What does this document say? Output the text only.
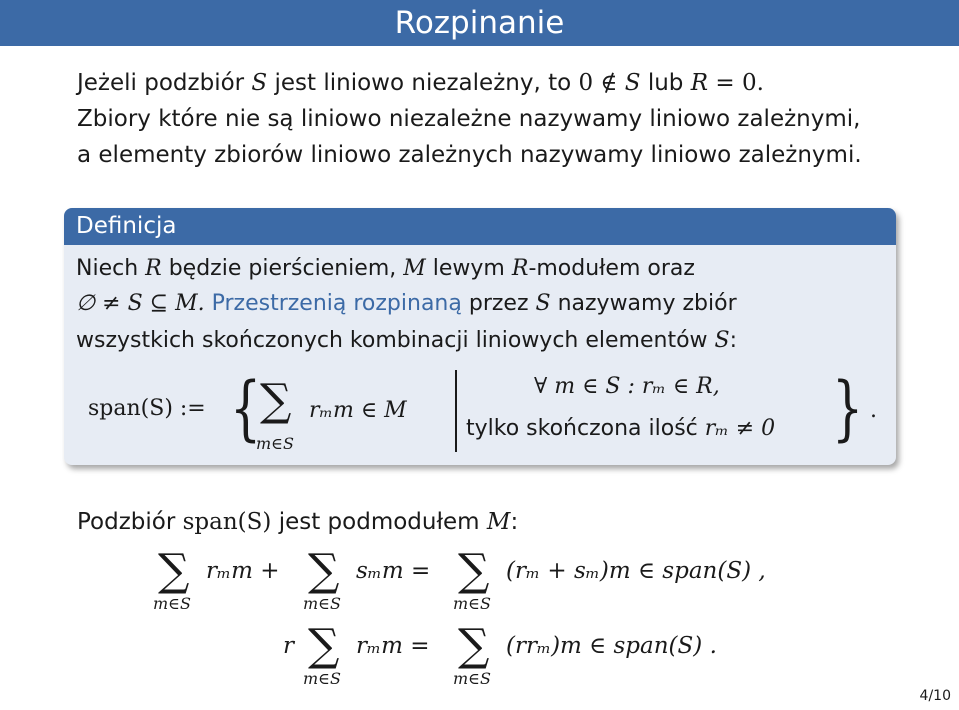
Rozpinanie
Jeżeli podzbiór S jest liniowo niezależny, to 0 ∉ S lub R = 0.
Zbiory które nie są liniowo niezależne nazywamy liniowo zależnymi,
a elementy zbiorów liniowo zależnych nazywamy liniowo zależnymi.
Definicja
Niech R będzie pierścieniem, M lewym R-modułem oraz
∅ ≠ S ⊆ M. Przestrzenią rozpinaną przez S nazywamy zbiór
wszystkich skończonych kombinacji liniowych elementów S:
span(S) := {
∑
m∈S
rₘm ∈ M
∀ m ∈ S : rₘ ∈ R,
tylko skończona ilość rₘ ≠ 0 } .
Podzbiór span(S) jest podmodułem M:
∑
m∈S
rₘm + ∑
m∈S
sₘm = ∑
m∈S
(rₘ + sₘ)m ∈ span(S) ,
r ∑
m∈S
rₘm = ∑
m∈S
(rrₘ)m ∈ span(S) .
4/10
